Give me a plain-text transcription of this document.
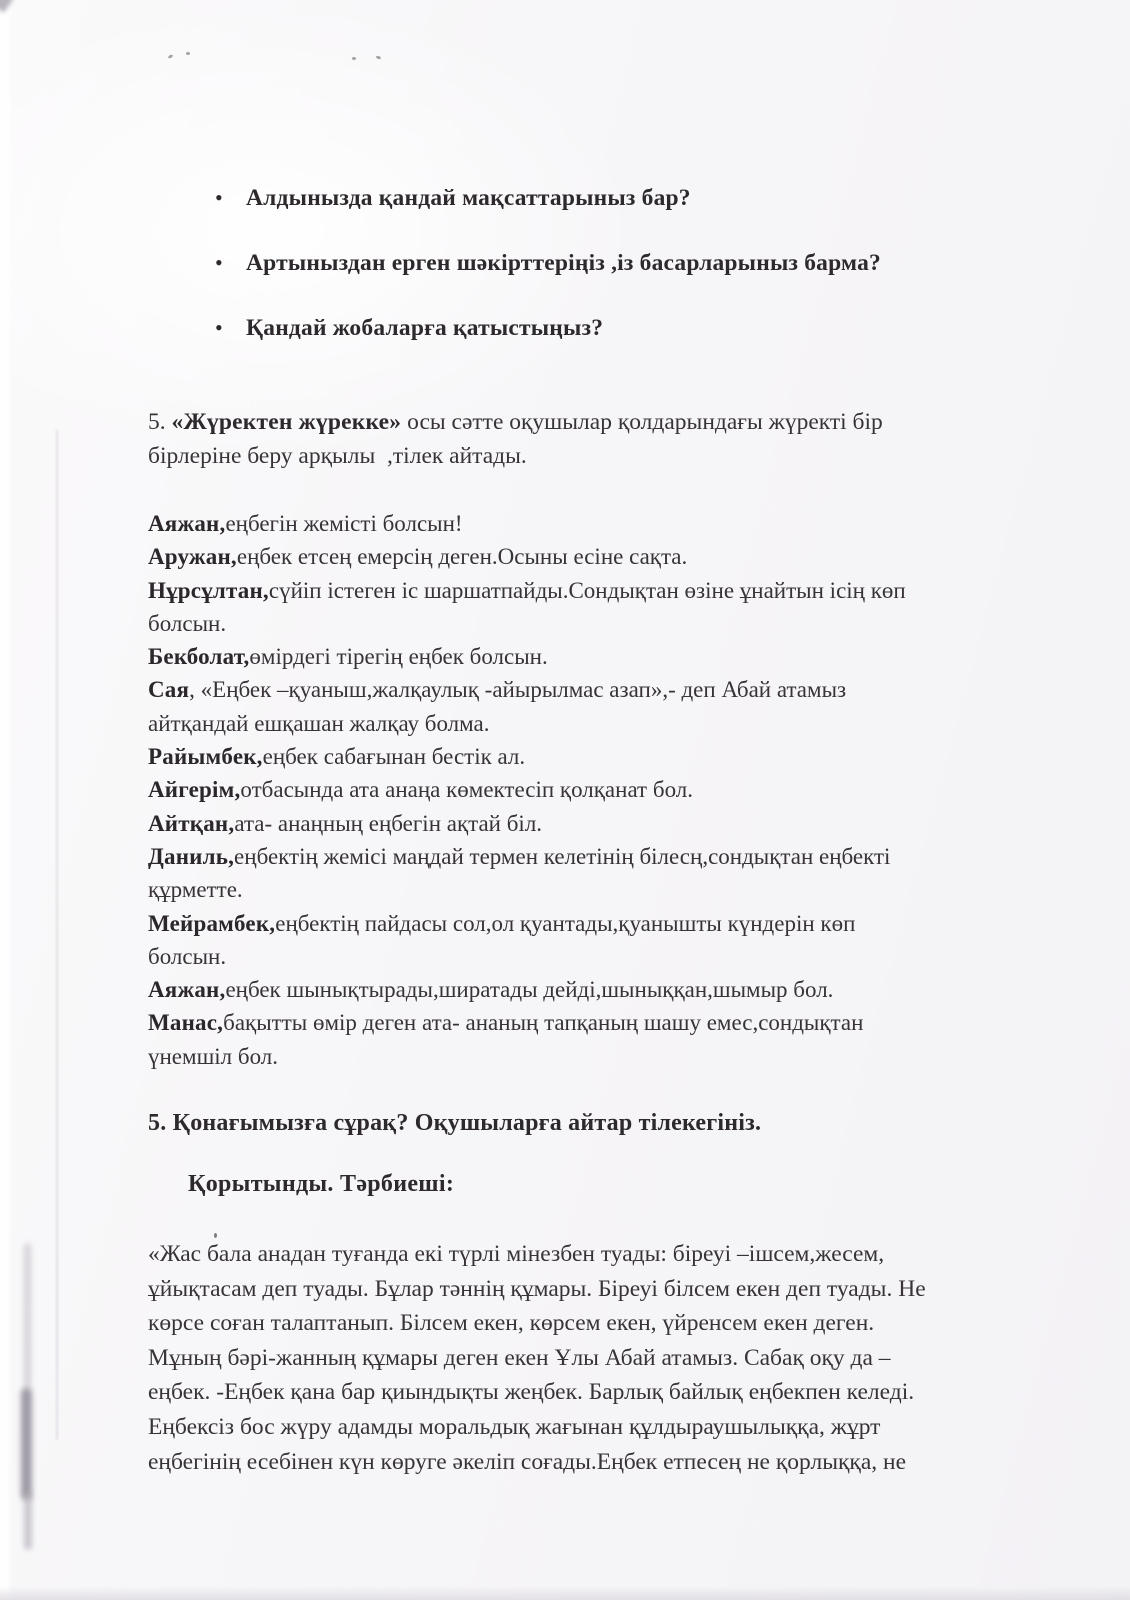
• Алдынызда қандай мақсаттарыныз бар?
• Артыныздан ерген шәкірттеріңіз ,із басарларыныз барма?
• Қандай жобаларға қатыстыңыз?
5. «Жүректен жүрекке» осы сәтте оқушылар қолдарындағы жүректі бір
бірлеріне беру арқылы  ,тілек айтады.
Аяжан,еңбегін жемісті болсын!
Аружан,еңбек етсең емерсің деген.Осыны есіне сақта.
Нұрсұлтан,сүйіп істеген іс шаршатпайды.Сондықтан өзіне ұнайтын ісің көп
болсын.
Бекболат,өмірдегі тірегің еңбек болсын.
Сая, «Еңбек –қуаныш,жалқаулық -айырылмас азап»,- деп Абай атамыз
айтқандай ешқашан жалқау болма.
Райымбек,еңбек сабағынан бестік ал.
Айгерім,отбасында ата анаңа көмектесіп қолқанат бол.
Айтқан,ата- анаңның еңбегін ақтай біл.
Даниль,еңбектің жемісі маңдай термен келетінің білесң,сондықтан еңбекті
құрметте.
Мейрамбек,еңбектің пайдасы сол,ол қуантады,қуанышты күндерін көп
болсын.
Аяжан,еңбек шынықтырады,ширатады дейді,шыныққан,шымыр бол.
Манас,бақытты өмір деген ата- ананың тапқаның шашу емес,сондықтан
үнемшіл бол.
5. Қонағымызға сұрақ? Оқушыларға айтар тілекегініз.
Қорытынды. Тәрбиеші:
«Жас бала анадан туғанда екі түрлі мінезбен туады: біреуі –ішсем,жесем,
ұйықтасам деп туады. Бұлар тәннің құмары. Біреуі білсем екен деп туады. Не
көрсе соған талаптанып. Білсем екен, көрсем екен, үйренсем екен деген.
Мұның бәрі-жанның құмары деген екен Ұлы Абай атамыз. Сабақ оқу да –
еңбек. -Еңбек қана бар қиындықты жеңбек. Барлық байлық еңбекпен келеді.
Еңбексіз бос жүру адамды моральдық жағынан құлдыраушылыққа, жұрт
еңбегінің есебінен күн көруге әкеліп соғады.Еңбек етпесең не қорлыққа, не
